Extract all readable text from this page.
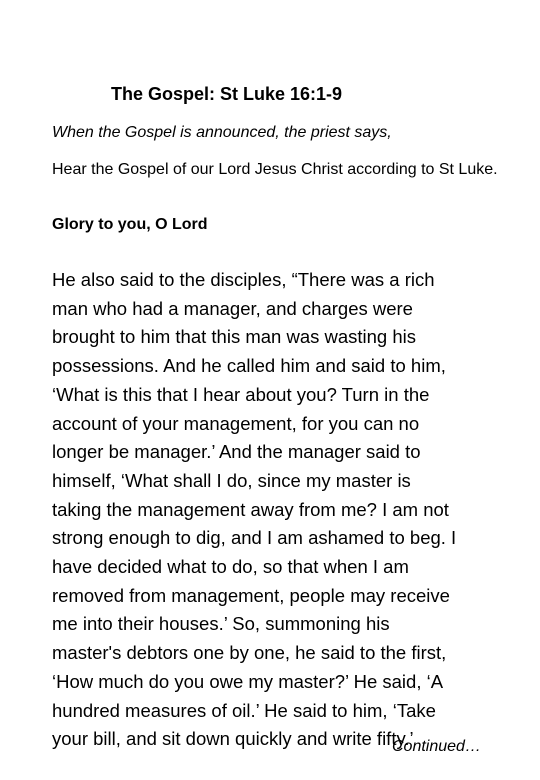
The Gospel: St Luke 16:1-9
When the Gospel is announced, the priest says,
Hear the Gospel of our Lord Jesus Christ according to St Luke.
Glory to you, O Lord
He also said to the disciples, “There was a rich
man who had a manager, and charges were
brought to him that this man was wasting his
possessions. And he called him and said to him,
‘What is this that I hear about you? Turn in the
account of your management, for you can no
longer be manager.’ And the manager said to
himself, ‘What shall I do, since my master is
taking the management away from me? I am not
strong enough to dig, and I am ashamed to beg. I
have decided what to do, so that when I am
removed from management, people may receive
me into their houses.’ So, summoning his
master's debtors one by one, he said to the first,
‘How much do you owe my master?’ He said, ‘A
hundred measures of oil.’ He said to him, ‘Take
your bill, and sit down quickly and write fifty.’
Continued…
